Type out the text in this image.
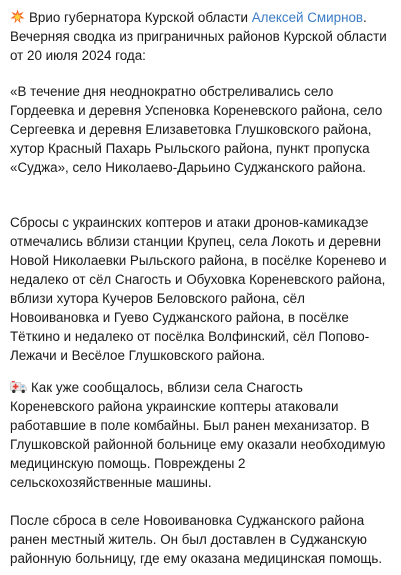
Врио губернатора Курской области Алексей Смирнов.
Вечерняя сводка из приграничных районов Курской области от 20 июля 2024 года:

«В течение дня неоднократно обстреливались село Гордеевка и деревня Успеновка Кореневского района, село Сергеевка и деревня Елизаветовка Глушковского района, хутор Красный Пахарь Рыльского района, пункт пропуска «Суджа», село Николаево-Дарьино Суджанского района.

Сбросы с украинских коптеров и атаки дронов-камикадзе отмечались вблизи станции Крупец, села Локоть и деревни Новой Николаевки Рыльского района, в посёлке Коренево и недалеко от сёл Снагость и Обуховка Кореневского района, вблизи хутора Кучеров Беловского района, сёл Новоивановка и Гуево Суджанского района, в посёлке Тёткино и недалеко от посёлка Волфинский, сёл Попово-Лежачи и Весёлое Глушковского района.

Как уже сообщалось, вблизи села Снагость Кореневского района украинские коптеры атаковали работавшие в поле комбайны. Был ранен механизатор. В Глушковской районной больнице ему оказали необходимую медицинскую помощь. Повреждены 2 сельскохозяйственные машины.

После сброса в селе Новоивановка Суджанского района ранен местный житель. Он был доставлен в Суджанскую районную больницу, где ему оказана медицинская помощь.
